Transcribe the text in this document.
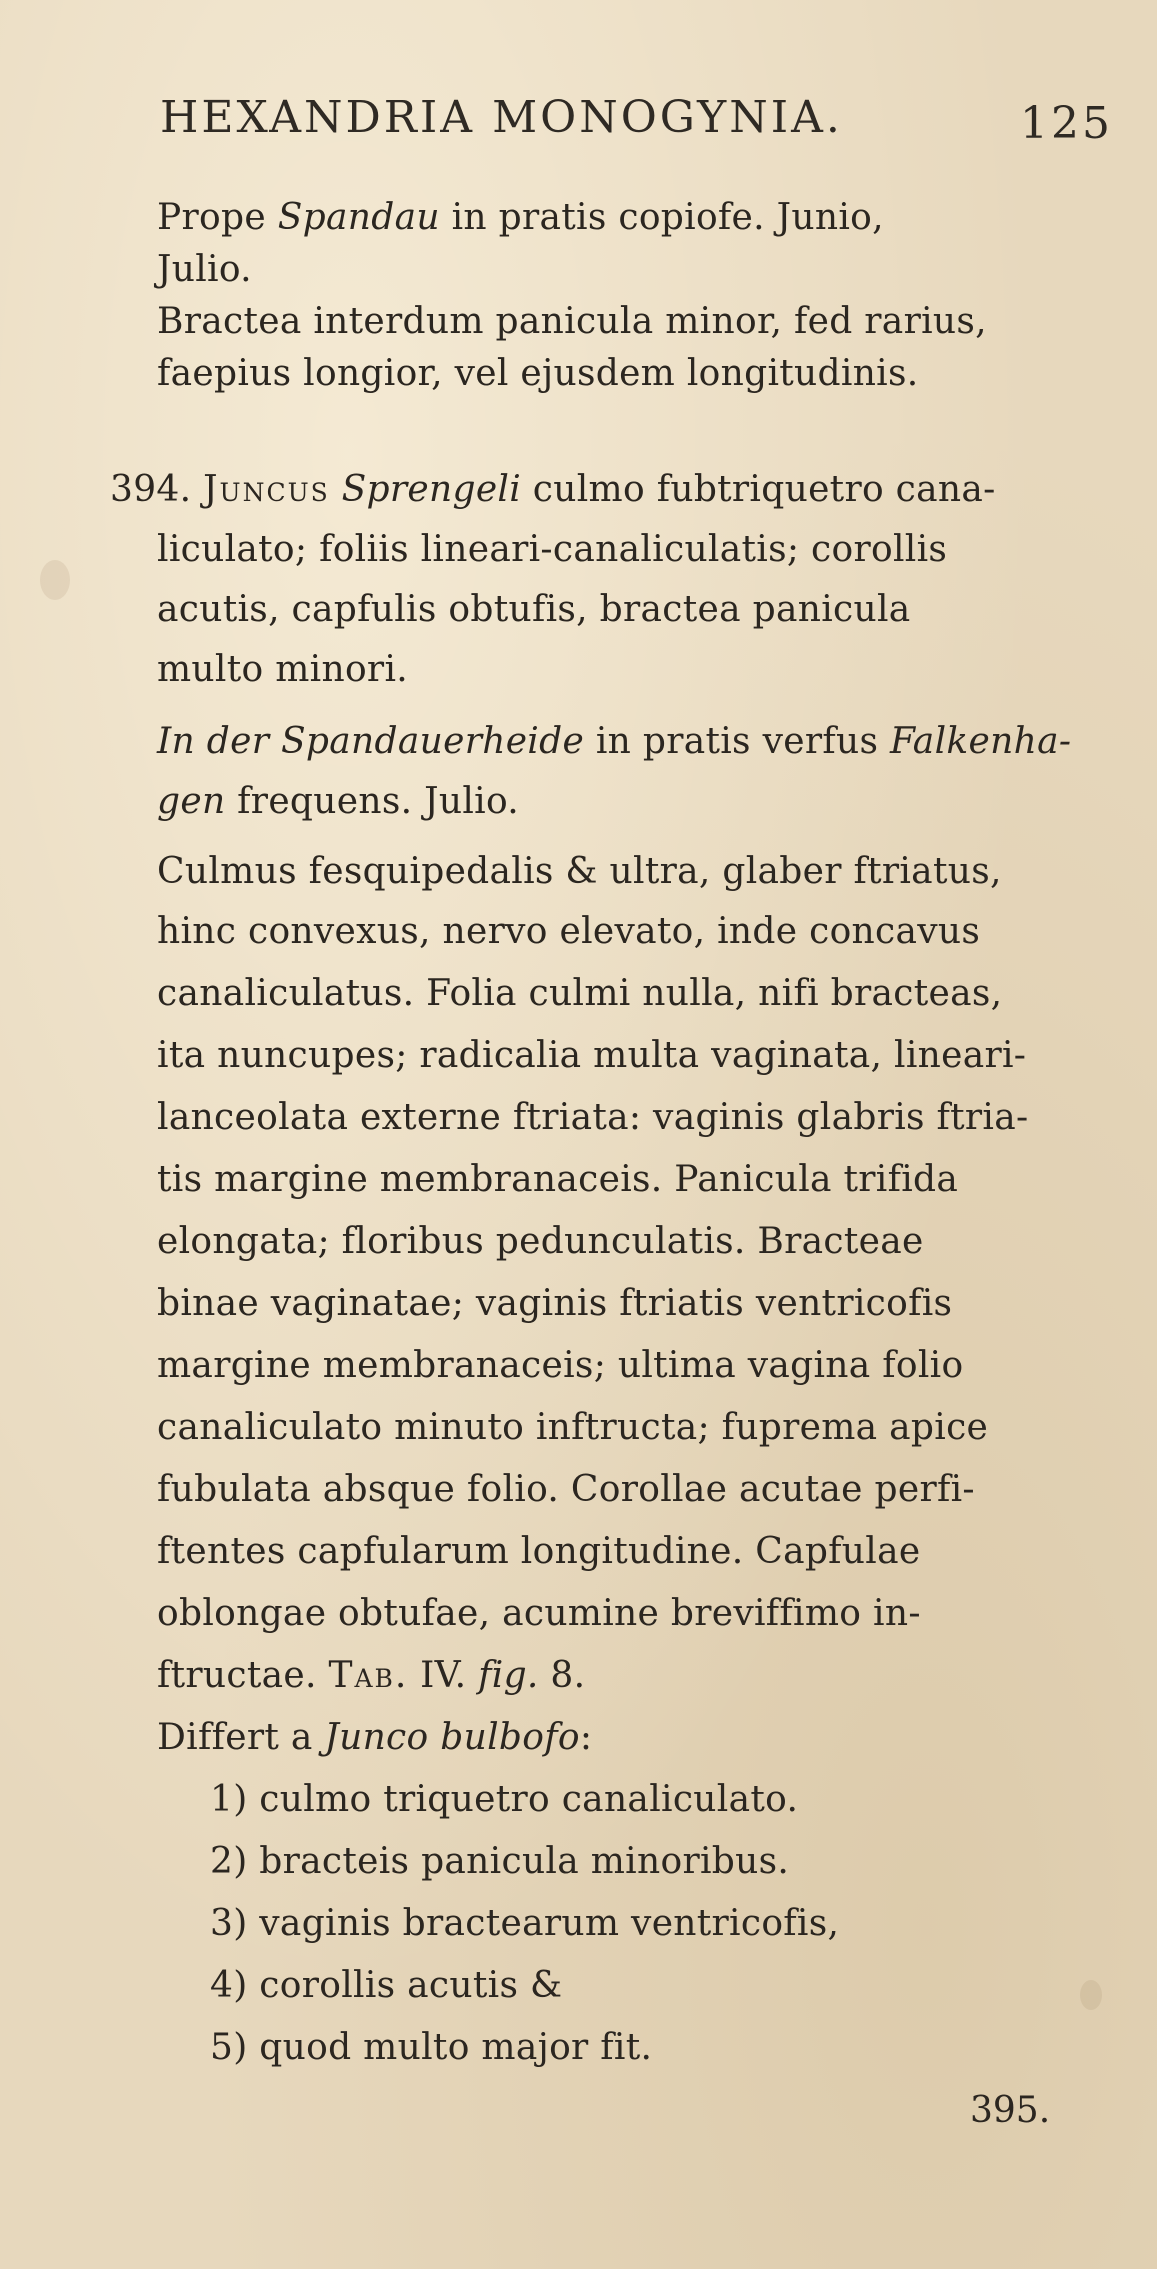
HEXANDRIA MONOGYNIA.	125
Prope Spandau in pratis copiofe. Junio,
Julio.
Bractea interdum panicula minor, fed rarius,
faepius longior, vel ejusdem longitudinis.
394. Juncus Sprengeli culmo fubtriquetro cana-
liculato; foliis lineari-canaliculatis; corollis
acutis, capfulis obtufis, bractea panicula
multo minori.
In der Spandauerheide in pratis verfus Falkenha-
gen frequens. Julio.
Culmus fesquipedalis & ultra, glaber ftriatus,
hinc convexus, nervo elevato, inde concavus
canaliculatus. Folia culmi nulla, nifi bracteas,
ita nuncupes; radicalia multa vaginata, lineari-
lanceolata externe ftriata: vaginis glabris ftria-
tis margine membranaceis. Panicula trifida
elongata; floribus pedunculatis. Bracteae
binae vaginatae; vaginis ftriatis ventricofis
margine membranaceis; ultima vagina folio
canaliculato minuto inftructa; fuprema apice
fubulata absque folio. Corollae acutae perfi-
ftentes capfularum longitudine. Capfulae
oblongae obtufae, acumine breviffimo in-
ftructae. Tab. IV. fig. 8.
Differt a Junco bulbofo:
1) culmo triquetro canaliculato.
2) bracteis panicula minoribus.
3) vaginis bractearum ventricofis,
4) corollis acutis &
5) quod multo major fit.
395.
